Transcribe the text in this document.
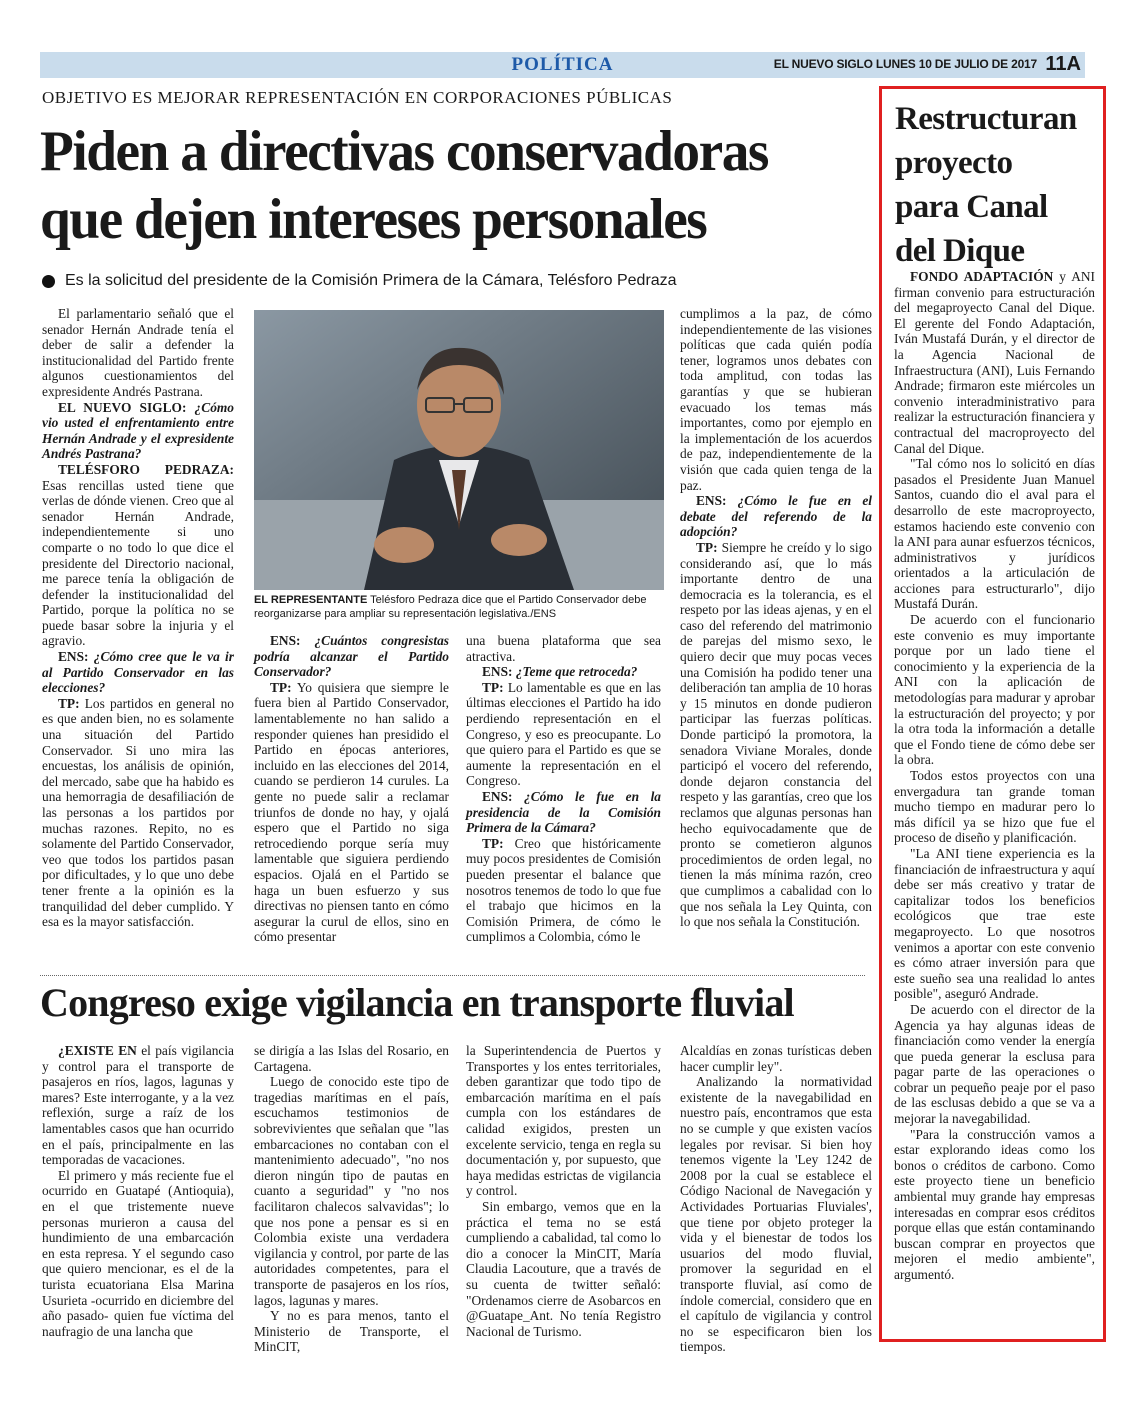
POLÍTICA	EL NUEVO SIGLO LUNES 10 DE JULIO DE 2017 11A
OBJETIVO ES MEJORAR REPRESENTACIÓN EN CORPORACIONES PÚBLICAS
Piden a directivas conservadoras
que dejen intereses personales
Es la solicitud del presidente de la Comisión Primera de la Cámara, Telésforo Pedraza

El parlamentario señaló que el senador Hernán Andrade tenía el deber de salir a defender la institucionalidad del Partido frente algunos cuestionamientos del expresidente Andrés Pastrana.

EL NUEVO SIGLO: ¿Cómo vio usted el enfrentamiento entre Hernán Andrade y el expresidente Andrés Pastrana?

TELÉSFORO PEDRAZA: Esas rencillas usted tiene que verlas de dónde vienen. Creo que al senador Hernán Andrade, independientemente si uno comparte o no todo lo que dice el presidente del Directorio nacional, me parece tenía la obligación de defender la institucionalidad del Partido, porque la política no se puede basar sobre la injuria y el agravio.

ENS: ¿Cómo cree que le va ir al Partido Conservador en las elecciones?

TP: Los partidos en general no es que anden bien, no es solamente una situación del Partido Conservador. Si uno mira las encuestas, los análisis de opinión, del mercado, sabe que ha habido es una hemorragia de desafiliación de las personas a los partidos por muchas razones. Repito, no es solamente del Partido Conservador, veo que todos los partidos pasan por dificultades, y lo que uno debe tener frente a la opinión es la tranquilidad del deber cumplido. Y esa es la mayor satisfacción.

EL REPRESENTANTE Telésforo Pedraza dice que el Partido Conservador debe reorganizarse para ampliar su representación legislativa./ENS

ENS: ¿Cuántos congresistas podría alcanzar el Partido Conservador?

TP: Yo quisiera que siempre le fuera bien al Partido Conservador, lamentablemente no han salido a responder quienes han presidido el Partido en épocas anteriores, incluido en las elecciones del 2014, cuando se perdieron 14 curules. La gente no puede salir a reclamar triunfos de donde no hay, y ojalá espero que el Partido no siga retrocediendo porque sería muy lamentable que siguiera perdiendo espacios. Ojalá en el Partido se haga un buen esfuerzo y sus directivas no piensen tanto en cómo asegurar la curul de ellos, sino en cómo presentar

una buena plataforma que sea atractiva.

ENS: ¿Teme que retroceda?

TP: Lo lamentable es que en las últimas elecciones el Partido ha ido perdiendo representación en el Congreso, y eso es preocupante. Lo que quiero para el Partido es que se aumente la representación en el Congreso.

ENS: ¿Cómo le fue en la presidencia de la Comisión Primera de la Cámara?

TP: Creo que históricamente muy pocos presidentes de Comisión pueden presentar el balance que nosotros tenemos de todo lo que fue el trabajo que hicimos en la Comisión Primera, de cómo le cumplimos a Colombia, cómo le

cumplimos a la paz, de cómo independientemente de las visiones políticas que cada quién podía tener, logramos unos debates con toda amplitud, con todas las garantías y que se hubieran evacuado los temas más importantes, como por ejemplo en la implementación de los acuerdos de paz, independientemente de la visión que cada quien tenga de la paz.

ENS: ¿Cómo le fue en el debate del referendo de la adopción?

TP: Siempre he creído y lo sigo considerando así, que lo más importante dentro de una democracia es la tolerancia, es el respeto por las ideas ajenas, y en el caso del referendo del matrimonio de parejas del mismo sexo, le quiero decir que muy pocas veces una Comisión ha podido tener una deliberación tan amplia de 10 horas y 15 minutos en donde pudieron participar las fuerzas políticas. Donde participó la promotora, la senadora Viviane Morales, donde participó el vocero del referendo, donde dejaron constancia del respeto y las garantías, creo que los reclamos que algunas personas han hecho equivocadamente que de pronto se cometieron algunos procedimientos de orden legal, no tienen la más mínima razón, creo que cumplimos a cabalidad con lo que nos señala la Ley Quinta, con lo que nos señala la Constitución.

Congreso exige vigilancia en transporte fluvial

¿EXISTE EN el país vigilancia y control para el transporte de pasajeros en ríos, lagos, lagunas y mares? Este interrogante, y a la vez reflexión, surge a raíz de los lamentables casos que han ocurrido en el país, principalmente en las temporadas de vacaciones.

El primero y más reciente fue el ocurrido en Guatapé (Antioquia), en el que tristemente nueve personas murieron a causa del hundimiento de una embarcación en esta represa. Y el segundo caso que quiero mencionar, es el de la turista ecuatoriana Elsa Marina Usurieta -ocurrido en diciembre del año pasado- quien fue víctima del naufragio de una lancha que

se dirigía a las Islas del Rosario, en Cartagena.

Luego de conocido este tipo de tragedias marítimas en el país, escuchamos testimonios de sobrevivientes que señalan que "las embarcaciones no contaban con el mantenimiento adecuado", "no nos dieron ningún tipo de pautas en cuanto a seguridad" y "no nos facilitaron chalecos salvavidas"; lo que nos pone a pensar es si en Colombia existe una verdadera vigilancia y control, por parte de las autoridades competentes, para el transporte de pasajeros en los ríos, lagos, lagunas y mares.

Y no es para menos, tanto el Ministerio de Transporte, el MinCIT,

la Superintendencia de Puertos y Transportes y los entes territoriales, deben garantizar que todo tipo de embarcación marítima en el país cumpla con los estándares de calidad exigidos, presten un excelente servicio, tenga en regla su documentación y, por supuesto, que haya medidas estrictas de vigilancia y control.

Sin embargo, vemos que en la práctica el tema no se está cumpliendo a cabalidad, tal como lo dio a conocer la MinCIT, María Claudia Lacouture, que a través de su cuenta de twitter señaló: "Ordenamos cierre de Asobarcos en @Guatape_Ant. No tenía Registro Nacional de Turismo.

Alcaldías en zonas turísticas deben hacer cumplir ley".

Analizando la normatividad existente de la navegabilidad en nuestro país, encontramos que esta no se cumple y que existen vacíos legales por revisar. Si bien hoy tenemos vigente la 'Ley 1242 de 2008 por la cual se establece el Código Nacional de Navegación y Actividades Portuarias Fluviales', que tiene por objeto proteger la vida y el bienestar de todos los usuarios del modo fluvial, promover la seguridad en el transporte fluvial, así como de índole comercial, considero que en el capítulo de vigilancia y control no se especificaron bien los tiempos.

Restructuran
proyecto
para Canal
del Dique

FONDO ADAPTACIÓN y ANI firman convenio para estructuración del megaproyecto Canal del Dique. El gerente del Fondo Adaptación, Iván Mustafá Durán, y el director de la Agencia Nacional de Infraestructura (ANI), Luis Fernando Andrade; firmaron este miércoles un convenio interadministrativo para realizar la estructuración financiera y contractual del macroproyecto del Canal del Dique.

"Tal cómo nos lo solicitó en días pasados el Presidente Juan Manuel Santos, cuando dio el aval para el desarrollo de este macroproyecto, estamos haciendo este convenio con la ANI para aunar esfuerzos técnicos, administrativos y jurídicos orientados a la articulación de acciones para estructurarlo", dijo Mustafá Durán.

De acuerdo con el funcionario este convenio es muy importante porque por un lado tiene el conocimiento y la experiencia de la ANI con la aplicación de metodologías para madurar y aprobar la estructuración del proyecto; y por la otra toda la información a detalle que el Fondo tiene de cómo debe ser la obra.

Todos estos proyectos con una envergadura tan grande toman mucho tiempo en madurar pero lo más difícil ya se hizo que fue el proceso de diseño y planificación.

"La ANI tiene experiencia es la financiación de infraestructura y aquí debe ser más creativo y tratar de capitalizar todos los beneficios ecológicos que trae este megaproyecto. Lo que nosotros venimos a aportar con este convenio es cómo atraer inversión para que este sueño sea una realidad lo antes posible", aseguró Andrade.

De acuerdo con el director de la Agencia ya hay algunas ideas de financiación como vender la energía que pueda generar la esclusa para pagar parte de las operaciones o cobrar un pequeño peaje por el paso de las esclusas debido a que se va a mejorar la navegabilidad.

"Para la construcción vamos a estar explorando ideas como los bonos o créditos de carbono. Como este proyecto tiene un beneficio ambiental muy grande hay empresas interesadas en comprar esos créditos porque ellas que están contaminando buscan comprar en proyectos que mejoren el medio ambiente", argumentó.
